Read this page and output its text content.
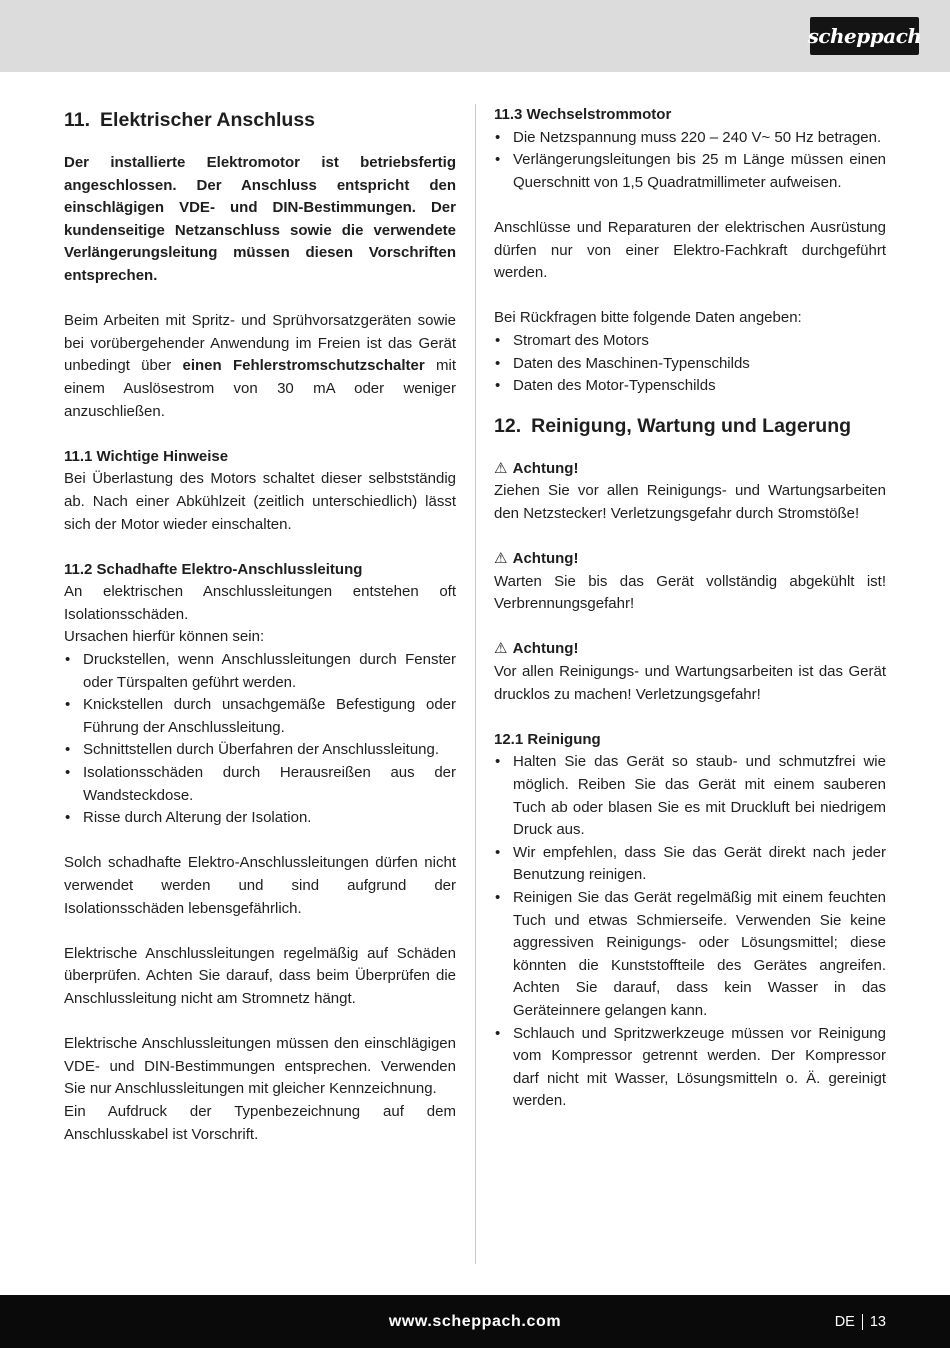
scheppach
11. Elektrischer Anschluss

Der installierte Elektromotor ist betriebsfertig angeschlossen. Der Anschluss entspricht den einschlägigen VDE- und DIN-Bestimmungen. Der kundenseitige Netzanschluss sowie die verwendete Verlängerungsleitung müssen diesen Vorschriften entsprechen.

Beim Arbeiten mit Spritz- und Sprühvorsatzgeräten sowie bei vorübergehender Anwendung im Freien ist das Gerät unbedingt über einen Fehlerstromschutzschalter mit einem Auslösestrom von 30 mA oder weniger anzuschließen.

11.1 Wichtige Hinweise

Bei Überlastung des Motors schaltet dieser selbstständig ab. Nach einer Abkühlzeit (zeitlich unterschiedlich) lässt sich der Motor wieder einschalten.

11.2 Schadhafte Elektro-Anschlussleitung

An elektrischen Anschlussleitungen entstehen oft Isolationsschäden.

Ursachen hierfür können sein:

• Druckstellen, wenn Anschlussleitungen durch Fenster oder Türspalten geführt werden.
• Knickstellen durch unsachgemäße Befestigung oder Führung der Anschlussleitung.
• Schnittstellen durch Überfahren der Anschlussleitung.
• Isolationsschäden durch Herausreißen aus der Wandsteckdose.
• Risse durch Alterung der Isolation.

Solch schadhafte Elektro-Anschlussleitungen dürfen nicht verwendet werden und sind aufgrund der Isolationsschäden lebensgefährlich.

Elektrische Anschlussleitungen regelmäßig auf Schäden überprüfen. Achten Sie darauf, dass beim Überprüfen die Anschlussleitung nicht am Stromnetz hängt.

Elektrische Anschlussleitungen müssen den einschlägigen VDE- und DIN-Bestimmungen entsprechen. Verwenden Sie nur Anschlussleitungen mit gleicher Kennzeichnung.

Ein Aufdruck der Typenbezeichnung auf dem Anschlusskabel ist Vorschrift.

11.3 Wechselstrommotor
• Die Netzspannung muss 220 – 240 V~ 50 Hz betragen.
• Verlängerungsleitungen bis 25 m Länge müssen einen Querschnitt von 1,5 Quadratmillimeter aufweisen.

Anschlüsse und Reparaturen der elektrischen Ausrüstung dürfen nur von einer Elektro-Fachkraft durchgeführt werden.

Bei Rückfragen bitte folgende Daten angeben:

• Stromart des Motors
• Daten des Maschinen-Typenschilds
• Daten des Motor-Typenschilds
12. Reinigung, Wartung und Lagerung
⚠ Achtung!

Ziehen Sie vor allen Reinigungs- und Wartungsarbeiten den Netzstecker! Verletzungsgefahr durch Stromstöße!

⚠ Achtung!

Warten Sie bis das Gerät vollständig abgekühlt ist! Verbrennungsgefahr!

⚠ Achtung!

Vor allen Reinigungs- und Wartungsarbeiten ist das Gerät drucklos zu machen! Verletzungsgefahr!

12.1 Reinigung
• Halten Sie das Gerät so staub- und schmutzfrei wie möglich. Reiben Sie das Gerät mit einem sauberen Tuch ab oder blasen Sie es mit Druckluft bei niedrigem Druck aus.
• Wir empfehlen, dass Sie das Gerät direkt nach jeder Benutzung reinigen.
• Reinigen Sie das Gerät regelmäßig mit einem feuchten Tuch und etwas Schmierseife. Verwenden Sie keine aggressiven Reinigungs- oder Lösungsmittel; diese könnten die Kunststoffteile des Gerätes angreifen. Achten Sie darauf, dass kein Wasser in das Geräteinnere gelangen kann.
• Schlauch und Spritzwerkzeuge müssen vor Reinigung vom Kompressor getrennt werden. Der Kompressor darf nicht mit Wasser, Lösungsmitteln o. Ä. gereinigt werden.
www.scheppach.com	DE 13
